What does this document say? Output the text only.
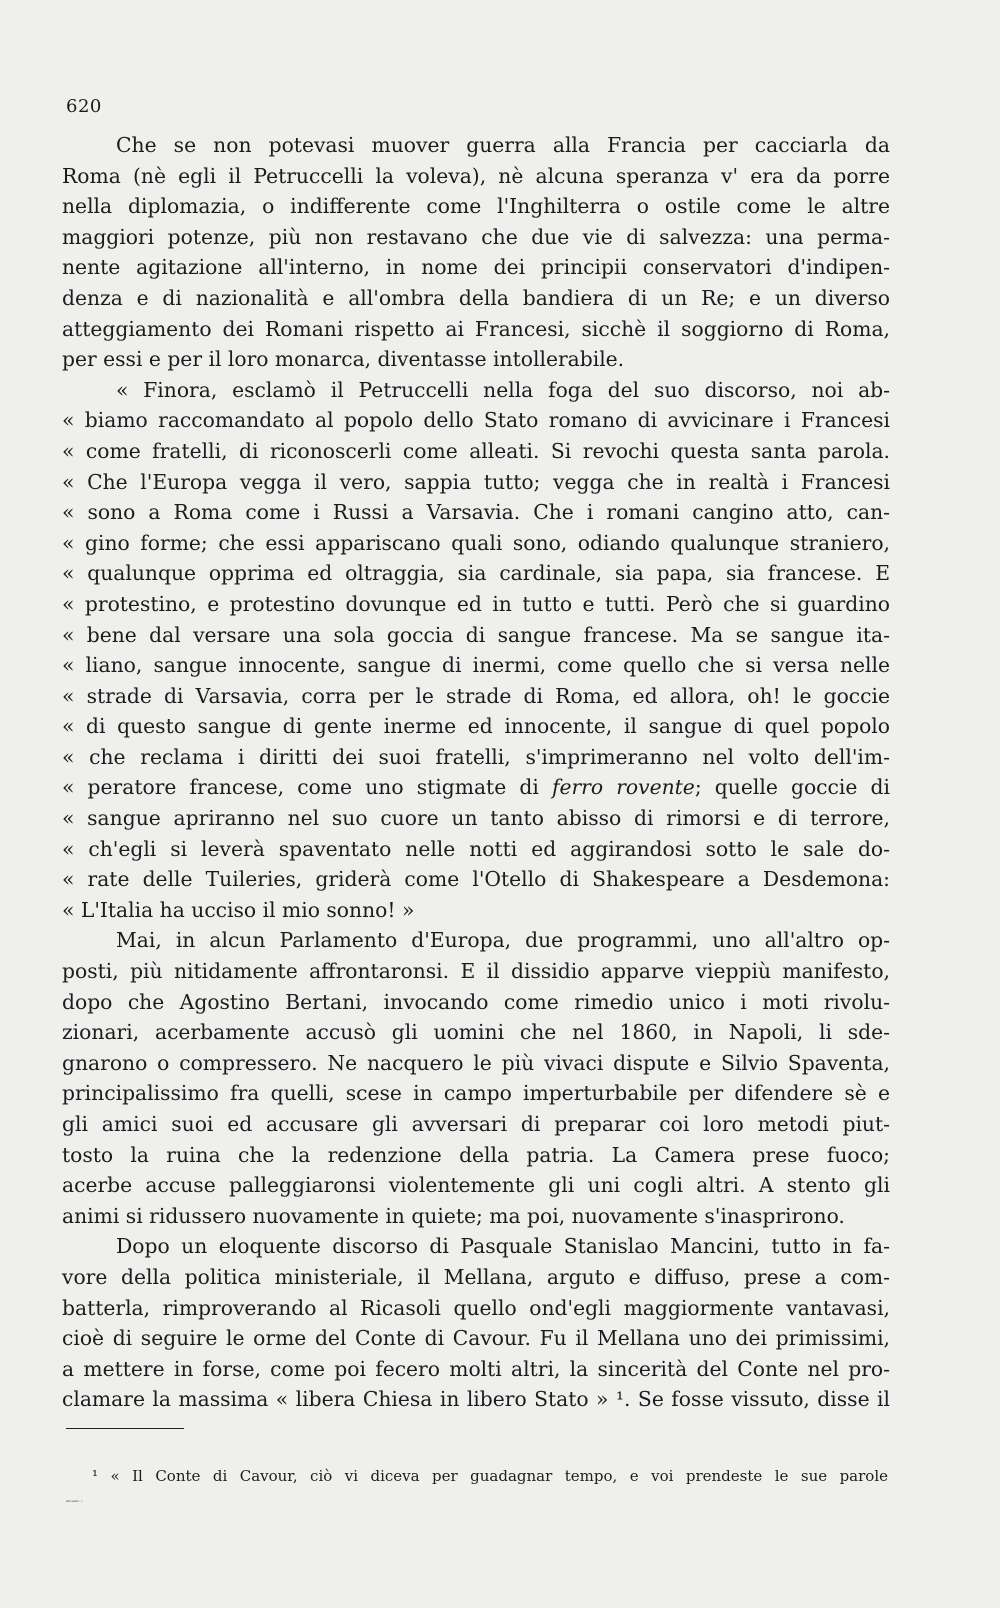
620
Che se non potevasi muover guerra alla Francia per cacciarla da
Roma (nè egli il Petruccelli la voleva), nè alcuna speranza v' era da porre
nella diplomazia, o indifferente come l'Inghilterra o ostile come le altre
maggiori potenze, più non restavano che due vie di salvezza: una perma-
nente agitazione all'interno, in nome dei principii conservatori d'indipen-
denza e di nazionalità e all'ombra della bandiera di un Re; e un diverso
atteggiamento dei Romani rispetto ai Francesi, sicchè il soggiorno di Roma,
per essi e per il loro monarca, diventasse intollerabile.
« Finora, esclamò il Petruccelli nella foga del suo discorso, noi ab-
« biamo raccomandato al popolo dello Stato romano di avvicinare i Francesi
« come fratelli, di riconoscerli come alleati. Si revochi questa santa parola.
« Che l'Europa vegga il vero, sappia tutto; vegga che in realtà i Francesi
« sono a Roma come i Russi a Varsavia. Che i romani cangino atto, can-
« gino forme; che essi appariscano quali sono, odiando qualunque straniero,
« qualunque opprima ed oltraggia, sia cardinale, sia papa, sia francese. E
« protestino, e protestino dovunque ed in tutto e tutti. Però che si guardino
« bene dal versare una sola goccia di sangue francese. Ma se sangue ita-
« liano, sangue innocente, sangue di inermi, come quello che si versa nelle
« strade di Varsavia, corra per le strade di Roma, ed allora, oh! le goccie
« di questo sangue di gente inerme ed innocente, il sangue di quel popolo
« che reclama i diritti dei suoi fratelli, s'imprimeranno nel volto dell'im-
« peratore francese, come uno stigmate di ferro rovente; quelle goccie di
« sangue apriranno nel suo cuore un tanto abisso di rimorsi e di terrore,
« ch'egli si leverà spaventato nelle notti ed aggirandosi sotto le sale do-
« rate delle Tuileries, griderà come l'Otello di Shakespeare a Desdemona:
« L'Italia ha ucciso il mio sonno! »
Mai, in alcun Parlamento d'Europa, due programmi, uno all'altro op-
posti, più nitidamente affrontaronsi. E il dissidio apparve vieppiù manifesto,
dopo che Agostino Bertani, invocando come rimedio unico i moti rivolu-
zionari, acerbamente accusò gli uomini che nel 1860, in Napoli, li sde-
gnarono o compressero. Ne nacquero le più vivaci dispute e Silvio Spaventa,
principalissimo fra quelli, scese in campo imperturbabile per difendere sè e
gli amici suoi ed accusare gli avversari di preparar coi loro metodi piut-
tosto la ruina che la redenzione della patria. La Camera prese fuoco;
acerbe accuse palleggiaronsi violentemente gli uni cogli altri. A stento gli
animi si ridussero nuovamente in quiete; ma poi, nuovamente s'inasprirono.
Dopo un eloquente discorso di Pasquale Stanislao Mancini, tutto in fa-
vore della politica ministeriale, il Mellana, arguto e diffuso, prese a com-
batterla, rimproverando al Ricasoli quello ond'egli maggiormente vantavasi,
cioè di seguire le orme del Conte di Cavour. Fu il Mellana uno dei primissimi,
a mettere in forse, come poi fecero molti altri, la sincerità del Conte nel pro-
clamare la massima « libera Chiesa in libero Stato » ¹. Se fosse vissuto, disse il
¹ « Il Conte di Cavour, ciò vi diceva per guadagnar tempo, e voi prendeste le sue parole
sul serio. »
